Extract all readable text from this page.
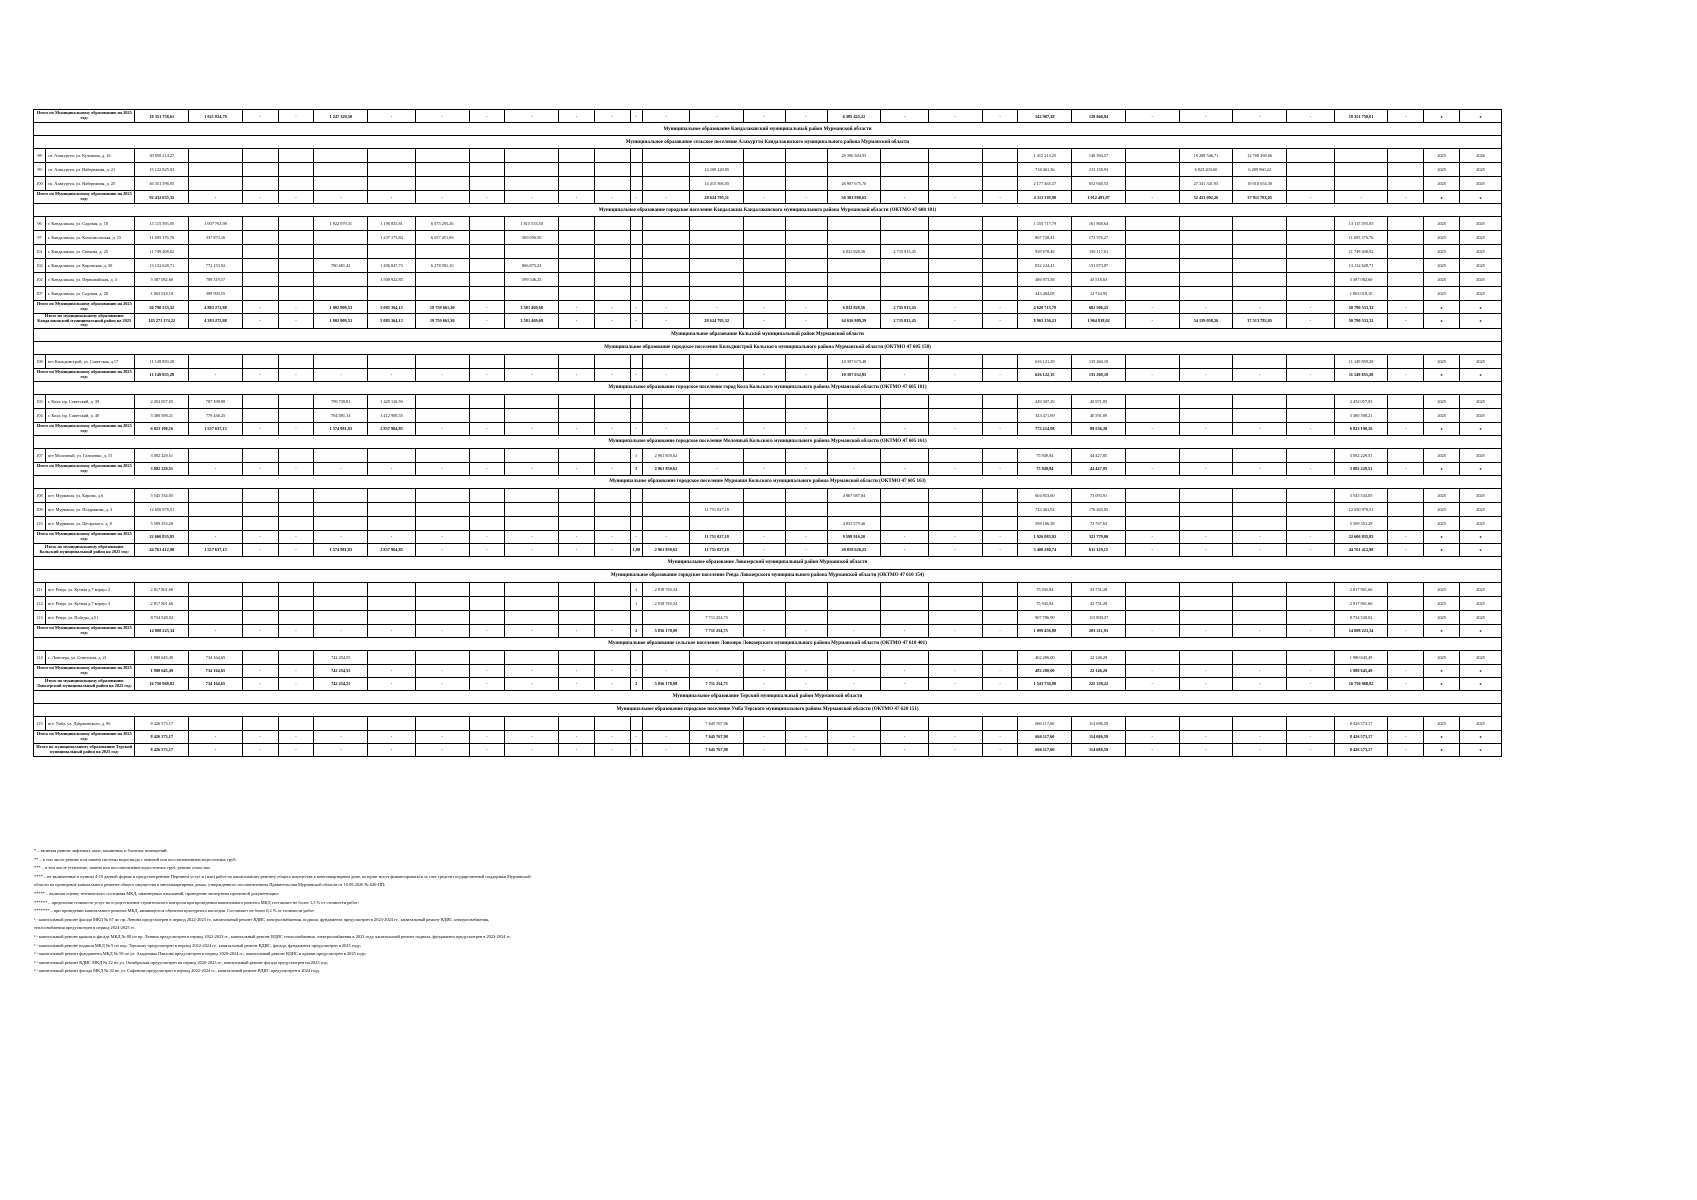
Итого по Муниципальному образованию на 2025 год:		18 351 758,61	1 021 824,79	-	-	1 247 329,50	-	-	-	-	-	-	-	-	-	-	-	6 385 425,22	-	-	-	542 987,28	129 046,94	-	-	-	-	18 351 758,61	-	х	х
Муниципальное образование Кандалакшский муниципальный район Мурманской области																															
Муниципальное образование сельское поселение Алакуртти Кандалакшского муниципального района Мурманской области																															
98	сп. Алакуртти, ул. Кузьмина, д. 16	30 958 214,27																29 396 304,95				1 415 213,25	146 394,57		18 288 546,71	12 700 268,66				2025	2026
99	сп. Алакуртти, ул. Набережная, д. 21	15 122 825,03													14 209 229,05							718 461,36	213 158,93		6 823 203,60	6 289 960,22				2025	2025
100	сп. Алакуртти, ул. Набережная, д. 25	46 351 596,05													14 415 566,05			26 907 675,70				2 177 465,37	652 940,53		27 341 341,95	19 010 654,30				2025	2025
Итого по Муниципальному образованию на 2025 год:		92 432 635,35	-	-	-	-	-	-	-	-	-	-	-	-	28 624 795,11	-	-	56 303 980,65	-	-	-	4 311 139,98	1 012 493,97	-	52 453 092,26	37 911 783,05	-	-	-	х	х
Муниципальное образование городское поселение Кандалакша Кандалакшского муниципального района Мурманской области (ОКТМО 47 608 101)																															
96	г. Кандалакша, ул. Садовая, д. 18	13 115 595,05	1 007 763,98			1 922 079,31	1 196 835,81	6 575 295,26		1 815 553,50												1 355 717,79	161 868,64					13 115 595,05		2025	2025
97	г. Кандалакша, ул. Комсомольская, д. 15	11 695 376,76	337 873,16				1 237 173,84	6 557 451,69		569 056,50												867 728,41	173 576,27					11 695 376,76		2025	2025
101	г. Кандалакша, ул. Спекова, д. 25	11 749 408,02																6 832 828,56	2 735 813,45			939 678,48	150 117,61					11 749 408,02		2025	2025
102	г. Кандалакша, ул. Кировская, д. 30	13 132 628,71	772 153,92			780 681,42	1 496 847,73	6 278 981,10		806 875,23												832 224,41	151 873,87					13 132 628,71		2025	2025
102	г. Кандалакша, ул. Первомайская, д. 3	5 387 082,60	789 319,57				1 500 922,85			599 546,25												486 973,58	45 518,63					5 387 082,60		2025	2025
107	г. Кандалакша, ул. Садовая, д. 28	1 063 018,10	389 993,55																			243 484,08	12 744,95					1 063 018,10		2025	2025
Итого по Муниципальному образованию на 2025 год:		50 790 533,32	4 883 272,88	-	-	1 802 909,53	5 085 364,13	19 759 661,20	-	3 581 469,68	-	-	-	-	-	-	-	6 832 828,56	2 735 813,45	-	-	4 620 713,78	682 506,25	-	-	-	-	50 790 533,32	-	х	х
Итого по муниципальному образованию Кандалакшский муниципальный район на 2025 год:		143 271 174,22	4 383 272,88	-	-	1 802 909,53	5 085 364,13	19 759 661,20	-	3 581 469,68	-	-	-	-	28 624 795,32	-	-	64 636 809,29	2 735 813,45	-	-	8 965 156,23	1 964 818,02	-	54 159 058,26	37 513 783,05	-	50 790 533,32	-	х	х
Муниципальное образование Кольский муниципальный район Мурманской области																															
Муниципальное образование городское поселение Кильдинстрой Кольского муниципального района Мурманской области (ОКТМО 47 605 158)																															
108	пгт Кильдинстрой, ул. Советская, д.17	11 149 859,28																10 397 673,48				616 121,29	135 260,18					11 149 859,28		2025	2025
Итого по Муниципальному образованию на 2025 год:		11 149 855,28	-	-	-	-	-	-	-	-	-	-	-	-	-	-	-	10 397 632,85	-	-	-	626 122,35	135 260,18	-	-	-	-	11 149 855,28	-	х	х
Муниципальное образование городское поселение город Кола Кольского муниципального района Мурманской области (ОКТМО 47 605 101)																															
103	г. Кола, пр. Советский, д. 39	2 452 057,05	787 198,98			799 739,81	1 425 116,59															249 307,29	40 971,85					2 452 057,05		2025	2025
104	г. Кола, пр. Советский, д. 40	5 380 398,21	779 436,25			784 081,13	1 412 908,55															343 471,69	40 591,09					5 380 398,21		2025	2025
Итого по Муниципальному образованию на 2025 год:		6 823 198,16	1 557 637,13	-	-	1 574 981,83	2 837 904,85	-	-	-	-	-	-	-	-	-	-	-	-	-	-	772 214,98	89 536,20	-	-	-	-	6 823 198,16	-	х	х
Муниципальное образование городское поселение Молочный Кольского муниципального района Мурманской области (ОКТМО 47 605 161)																															
107	пгт Молочный, ул. Гальченко, д. 15	3 082 229,51											1	2 961 850,62								75 949,84	44 427,85					3 082 229,51		2025	2025
Итого по Муниципальному образованию на 2025 год:		3 082 229,51	-	-	-	-	-	-	-	-	-	-	1	2 961 850,62	-	-	-	-	-	-	-	75 949,84	44 427,85	-	-	-	-	3 082 229,51	-	х	х
Муниципальное образование городское поселение Мурмаши Кольского муниципального района Мурманской области (ОКТМО 47 605 163)																															
108	пгт. Мурмаши, ул. Кирова, д.6	5 545 534,05																4 867 587,04				604 853,60	73 093,91					5 545 534,05		2025	2025
109	пгт. Мурмаши, ул. Позднякова, д. 3	12 650 978,51													11 751 027,18							723 463,92	176 265,85					12 650 978,51		2025	2025
110	пгт. Мурмаши, ул. Цесарского, д. 8	5 509 353,29																4 833 579,46				598 106,38	72 767,63					5 509 353,29		2025	2025
Итого по Муниципальному образованию на 2025 год:		22 606 835,85	-	-	-	-	-	-	-	-	-	-	-	-	11 751 027,18	-	-	9 598 916,20	-	-	-	1 926 083,92	321 779,00	-	-	-	-	22 606 835,85	-	х	х
Итого по муниципальному образованию Кольский муниципальный район на 2025 год:		44 761 412,98	1 557 637,13	-	-	1 574 981,83	2 837 904,85	-	-	-	-	-	1,00	2 961 850,62	11 751 027,18	-	-	20 058 626,25	-	-	-	3 400 280,74	611 129,15	-	-	-	-	44 761 412,98	-	х	х
Муниципальное образование Ловозерский муниципальный район Мурманской области																															
Муниципальное образование городское поселение Ревда Ловозерского муниципального района Мурманской области (ОКТМО 47 610 154)																															
111	пгт. Ревда, ул. Кутнаа д.7 корпус 2	2 817 801,66											1	2 918 765,34								75 945,84	43 751,28					2 817 801,66		2025	2025
112	пгт. Ревда, ул. Кутнаа д.7 корпус 4	2 817 801,66											1	2 918 765,34								75 945,84	43 751,28					2 817 801,66		2025	2025
113	пгт. Ревда, ул. Победы, д.51	8 734 528,02													7 711 254,75							907 786,90	115 809,37					8 734 528,02		2025	2025
Итого по Муниципальному образованию на 2025 год:		14 008 223,34	-	-	-	-	-	-	-	-	-	-	2	5 836 178,08	7 711 254,75	-	-	-	-	-	-	1 099 456,88	203 211,93	-	-	-	-	14 008 223,34	-	х	х
Муниципальное образование сельское поселение Ловозеро Ловозерского муниципального района Мурманской области (ОКТМО 47 610 401)																															
114	с. Ловозеро, ул. Советская, д. 21	1 980 645,49	734 164,65			742 254,55																462 286,00	22 146,29					1 980 645,49		2025	2025
Итого по Муниципальному образованию на 2025 год:		1 980 645,49	734 164,65	-	-	742 254,55	-	-	-	-	-	-	-	-	-	-	-	-	-	-	-	482 280,00	22 146,29	-	-	-	-	1 980 645,49	-	х	х
Итого по муниципальному образованию Ловозерский муниципальный район на 2025 год:		16 750 968,82	734 164,65	-	-	742 254,55	-	-	-	-	-	-	2	5 836 178,08	7 711 254,75	-	-	-	-	-	-	1 541 736,88	225 358,22	-	-	-	-	16 750 968,82	-	х	х
Муниципальное образование Терский муниципальный район Мурманской области																															
Муниципальное образование городское поселение Умба Терского муниципального района Мурманской области (ОКТМО 47 628 151)																															
115	пгт. Умба, ул. Дзержинского, д. 9б	8 426 573,17													7 645 767,96							666 117,60	114 686,59					8 426 573,17		2025	2025
Итого по Муниципальному образованию на 2025 год:		8 426 573,17	-	-	-	-	-	-	-	-	-	-	-	-	7 645 767,98	-	-	-	-	-	-	666 117,60	114 686,59	-	-	-	-	8 426 573,17	-	х	х
Итого по муниципальному образованию Терский муниципальный район на 2025 год:		8 426 573,17	-	-	-	-	-	-	-	-	-	-	-	-	7 645 767,98	-	-	-	-	-	-	666 117,60	114 686,59	-	-	-	-	8 426 573,17	-	х	х
* – включая ремонт лифтовых шахт, машинных и блочных помещений;
** – в том числе ремонт или замена системы водоотвода с заменой или восстановлением водосточных труб;
*** – в том числе утепление, замена или восстановление водосточных труб, ремонт отмостки;
**** – не включенные в пункты 4-19 данной формы и предусмотренные Перечнем услуг и (или) работ по капитальному ремонту общего имущества в многоквартирном доме, которые могут финансироваться за счет средств государственной поддержки Мурманской
области на проведение капитального ремонта общего имущества в многоквартирных домах, утвержденного постановлением Правительства Мурманской области от 10.09.2020 № 626-ПП;
***** – включая оценку технического состояния МКД, инженерных изысканий, проведение экспертизы проектной документации;
****** – предельная стоимость услуг на осуществление строительного контроля при проведении капитального ремонта МКД составляет не более 1,5 % от стоимости работ;
******* – при проведении капитального ремонта МКД, являющегося объектом культурного наследия. Составляет не более 0,2 % от стоимости работ
¹ - капитальный ремонт фасада МКД № 67 по пр. Ленина предусмотрен в период 2022-2023 гг., капитальный ремонт ВДИС электроснабжения, подвала, фундамента предусмотрен в 2023-2024 гг., капитальный ремонт ВДИС электроснабжения,
теплоснабжения предусмотрен в период 2024-2025 гг.
² - капитальный ремонт крыши и фасада МКД № 80 по пр. Ленина предусмотрен в период 2022-2023 гг., капитальный ремонт ВДИС теплоснабжения, электроснабжения в 2023 году, капитальный ремонт подвала, фундамента предусмотрен в 2023-2024 гг.
³ - капитальный ремонт подвала МКД № 9 по пер. Терскому предусмотрен в период 2022-2024 гг., капитальный ремонт ВДИС, фасада, фундамента предусмотрен в 2025 году;
⁴ - капитальный ремонт фундамента МКД № 59 по ул. Академика Павлова предусмотрен в период 2020-2024 гг., капитальный ремонт ВДИС и крыши предусмотрен в 2025 году;
⁵ - капитальный ремонт ВДИС МКД № 22 по ул. Октябрьская предусмотрен на период 2020-2023 гг., капитальный ремонт фасада предусмотрен на 2025 год;
⁶ - капитальный ремонт фасада МКД № 32 по ул. Сафонова предусмотрен в период 2022-2024 гг., капитальный ремонт ВДИС предусмотрен в 2024 году.
